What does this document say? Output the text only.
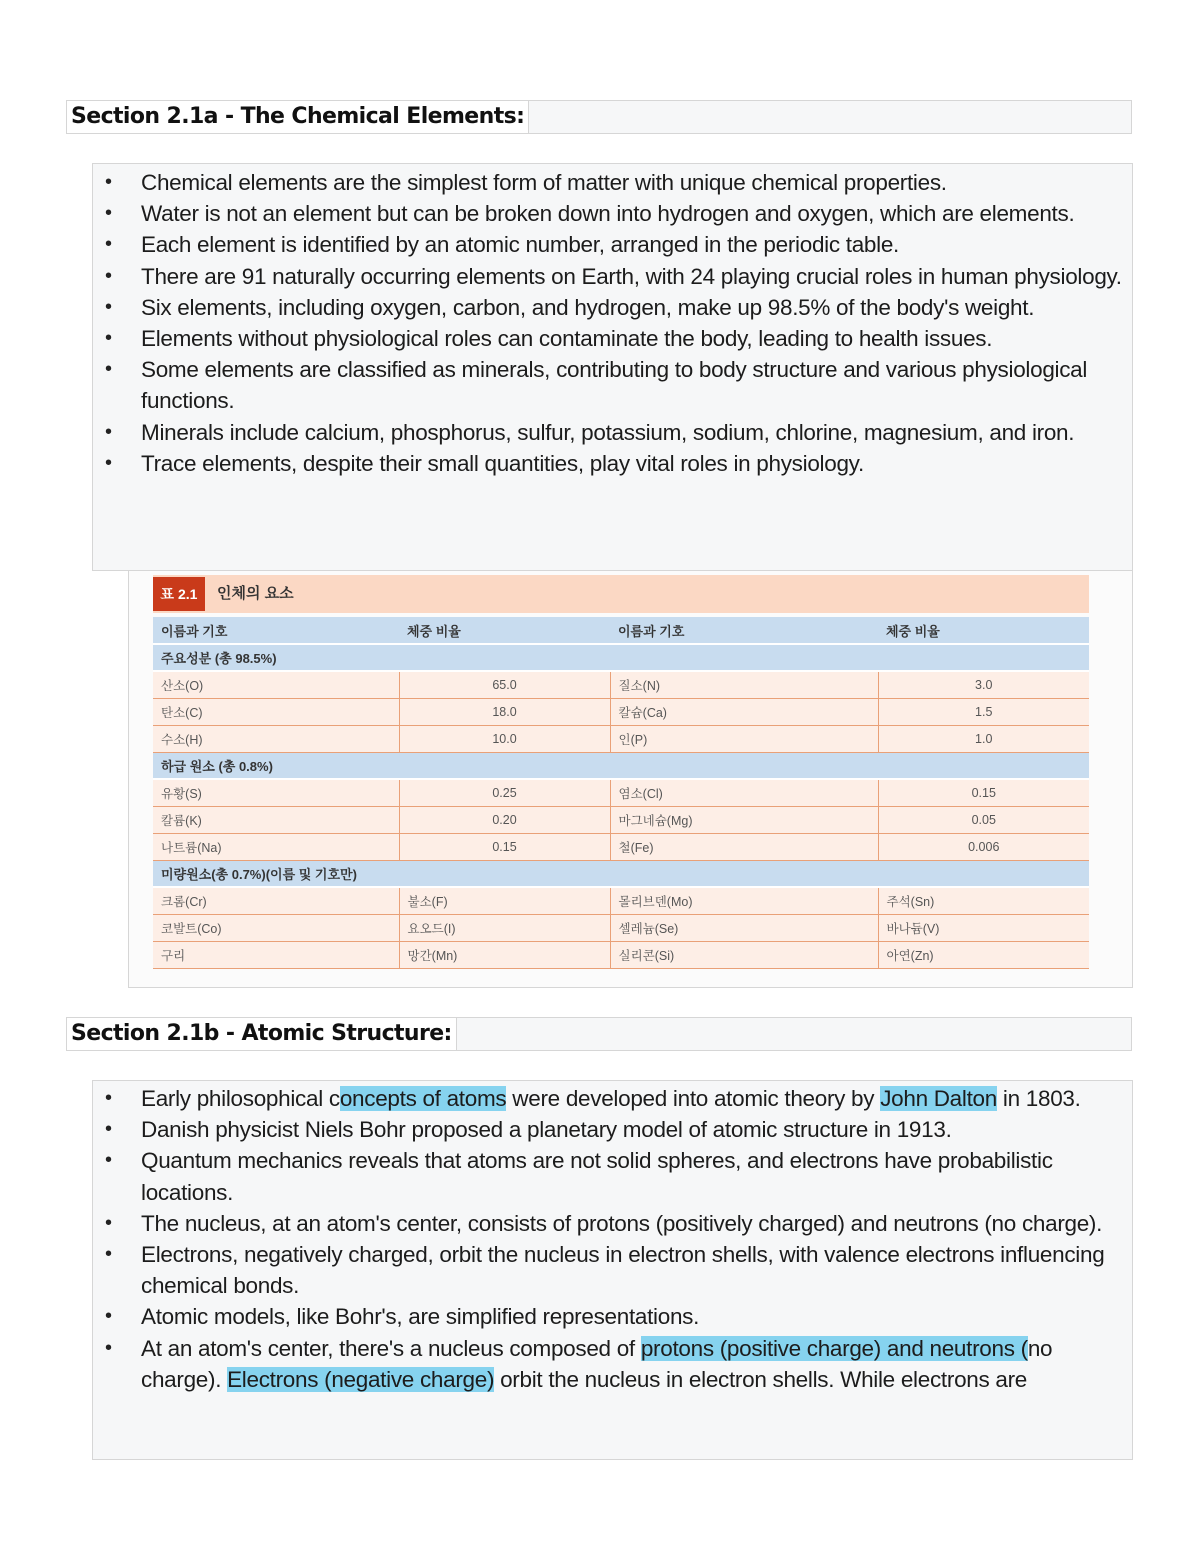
Section 2.1a - The Chemical Elements:
• Chemical elements are the simplest form of matter with unique chemical properties.
• Water is not an element but can be broken down into hydrogen and oxygen, which are elements.
• Each element is identified by an atomic number, arranged in the periodic table.
• There are 91 naturally occurring elements on Earth, with 24 playing crucial roles in human physiology.
• Six elements, including oxygen, carbon, and hydrogen, make up 98.5% of the body's weight.
• Elements without physiological roles can contaminate the body, leading to health issues.
• Some elements are classified as minerals, contributing to body structure and various physiological functions.
• Minerals include calcium, phosphorus, sulfur, potassium, sodium, chlorine, magnesium, and iron.
• Trace elements, despite their small quantities, play vital roles in physiology.
표 2.1	인체의 요소
이름과 기호	체중 비율	이름과 기호	체중 비율
주요성분 (총 98.5%)			
산소(O)	65.0	질소(N)	3.0
탄소(C)	18.0	칼슘(Ca)	1.5
수소(H)	10.0	인(P)	1.0
하급 원소 (총 0.8%)			
유황(S)	0.25	염소(Cl)	0.15
칼륨(K)	0.20	마그네슘(Mg)	0.05
나트륨(Na)	0.15	철(Fe)	0.006
미량원소(총 0.7%)(이름 및 기호만)			
크롬(Cr)	불소(F)	몰리브덴(Mo)	주석(Sn)
코발트(Co)	요오드(I)	셀레늄(Se)	바나듐(V)
구리	망간(Mn)	실리콘(Si)	아연(Zn)
Section 2.1b - Atomic Structure:
• Early philosophical concepts of atoms were developed into atomic theory by John Dalton in 1803.
• Danish physicist Niels Bohr proposed a planetary model of atomic structure in 1913.
• Quantum mechanics reveals that atoms are not solid spheres, and electrons have probabilistic locations.
• The nucleus, at an atom's center, consists of protons (positively charged) and neutrons (no charge).
• Electrons, negatively charged, orbit the nucleus in electron shells, with valence electrons influencing chemical bonds.
• Atomic models, like Bohr's, are simplified representations.
• At an atom's center, there's a nucleus composed of protons (positive charge) and neutrons (no charge). Electrons (negative charge) orbit the nucleus in electron shells. While electrons are
